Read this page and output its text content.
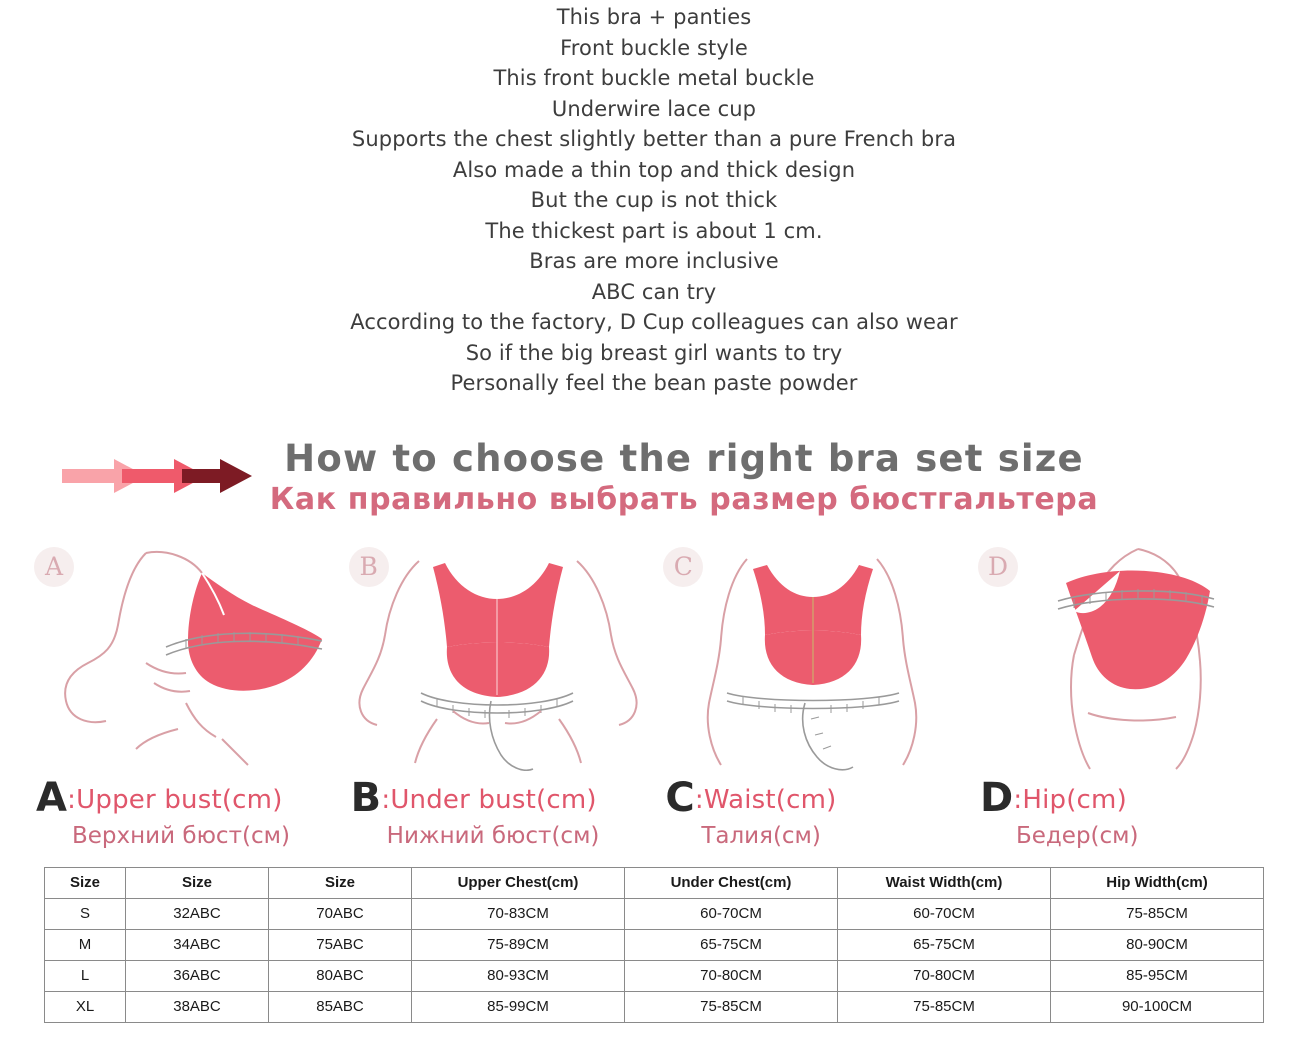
This bra + panties
Front buckle style
This front buckle metal buckle
Underwire lace cup
Supports the chest slightly better than a pure French bra
Also made a thin top and thick design
But the cup is not thick
The thickest part is about 1 cm.
Bras are more inclusive
ABC can try
According to the factory, D Cup colleagues can also wear
So if the big breast girl wants to try
Personally feel the bean paste powder
How to choose the right bra set size
Как правильно выбрать размер бюстгальтера
A
A:Upper bust(cm)
Верхний бюст(см)
B
B:Under bust(cm)
Нижний бюст(см)
C
C:Waist(cm)
Талия(см)
D
D:Hip(cm)
Бедер(см)
Size	Size	Size	Upper Chest(cm)	Under Chest(cm)	Waist Width(cm)	Hip Width(cm)
S	32ABC	70ABC	70-83CM	60-70CM	60-70CM	75-85CM
M	34ABC	75ABC	75-89CM	65-75CM	65-75CM	80-90CM
L	36ABC	80ABC	80-93CM	70-80CM	70-80CM	85-95CM
XL	38ABC	85ABC	85-99CM	75-85CM	75-85CM	90-100CM
